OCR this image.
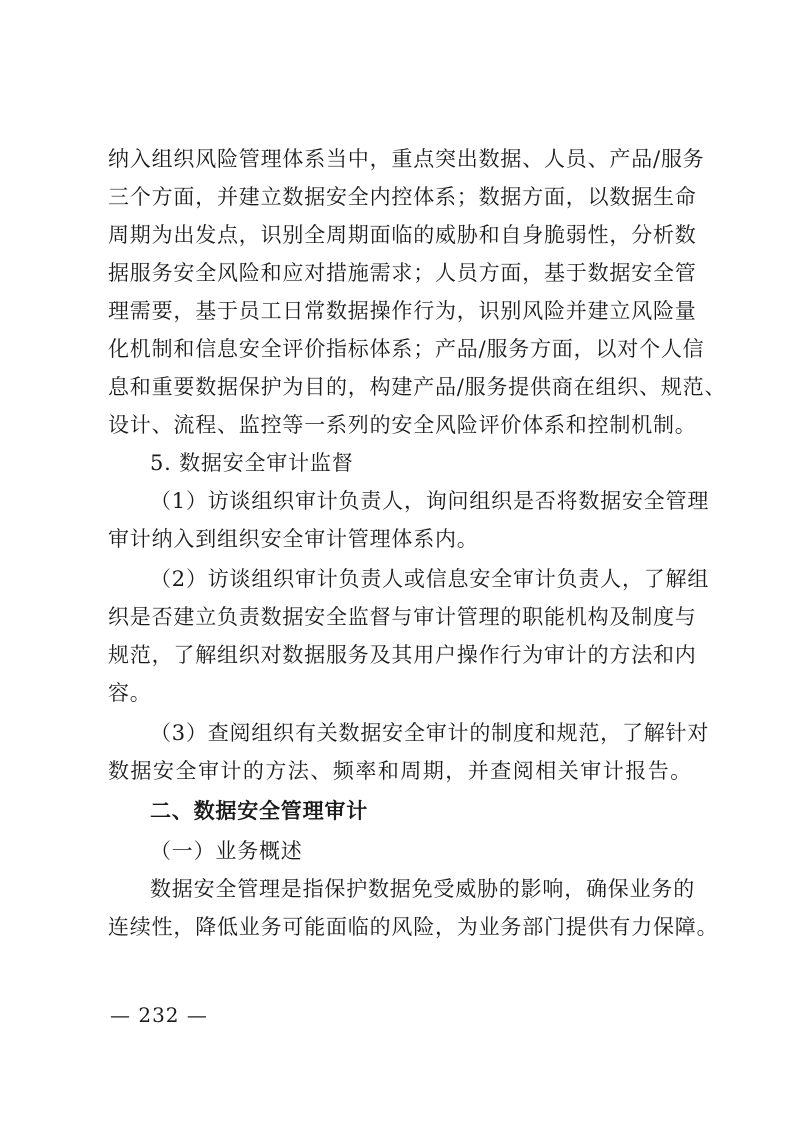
纳入组织风险管理体系当中，重点突出数据、人员、产品/服务
三个方面，并建立数据安全内控体系；数据方面，以数据生命
周期为出发点，识别全周期面临的威胁和自身脆弱性，分析数
据服务安全风险和应对措施需求；人员方面，基于数据安全管
理需要，基于员工日常数据操作行为，识别风险并建立风险量
化机制和信息安全评价指标体系；产品/服务方面，以对个人信
息和重要数据保护为目的，构建产品/服务提供商在组织、规范、
设计、流程、监控等一系列的安全风险评价体系和控制机制。
5. 数据安全审计监督
（1）访谈组织审计负责人，询问组织是否将数据安全管理
审计纳入到组织安全审计管理体系内。
（2）访谈组织审计负责人或信息安全审计负责人，了解组
织是否建立负责数据安全监督与审计管理的职能机构及制度与
规范，了解组织对数据服务及其用户操作行为审计的方法和内
容。
（3）查阅组织有关数据安全审计的制度和规范，了解针对
数据安全审计的方法、频率和周期，并查阅相关审计报告。
二、数据安全管理审计
（一）业务概述
数据安全管理是指保护数据免受威胁的影响，确保业务的
连续性，降低业务可能面临的风险，为业务部门提供有力保障。
— 232 —
